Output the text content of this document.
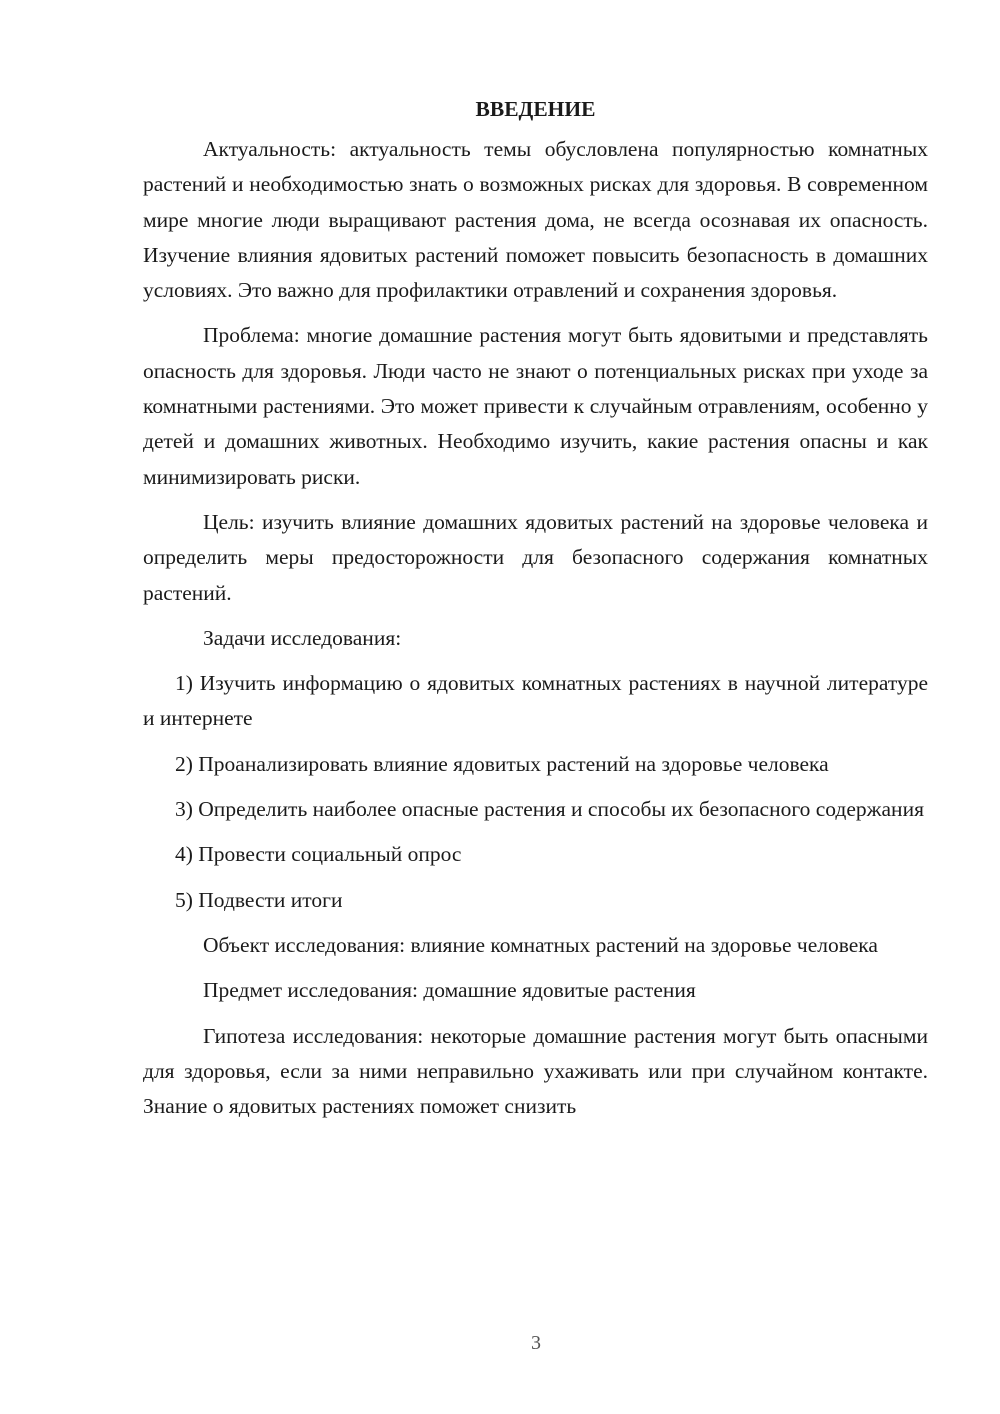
ВВЕДЕНИЕ

Актуальность: актуальность темы обусловлена популярностью комнатных растений и необходимостью знать о возможных рисках для здоровья. В современном мире многие люди выращивают растения дома, не всегда осознавая их опасность. Изучение влияния ядовитых растений поможет повысить безопасность в домашних условиях. Это важно для профилактики отравлений и сохранения здоровья.

Проблема: многие домашние растения могут быть ядовитыми и представлять опасность для здоровья. Люди часто не знают о потенциальных рисках при уходе за комнатными растениями. Это может привести к случайным отравлениям, особенно у детей и домашних животных. Необходимо изучить, какие растения опасны и как минимизировать риски.

Цель: изучить влияние домашних ядовитых растений на здоровье человека и определить меры предосторожности для безопасного содержания комнатных растений.

Задачи исследования:

1) Изучить информацию о ядовитых комнатных растениях в научной литературе и интернете

2) Проанализировать влияние ядовитых растений на здоровье человека

3) Определить наиболее опасные растения и способы их безопасного содержания

4) Провести социальный опрос

5) Подвести итоги

Объект исследования: влияние комнатных растений на здоровье человека

Предмет исследования: домашние ядовитые растения

Гипотеза исследования: некоторые домашние растения могут быть опасными для здоровья, если за ними неправильно ухаживать или при случайном контакте. Знание о ядовитых растениях поможет снизить

3
